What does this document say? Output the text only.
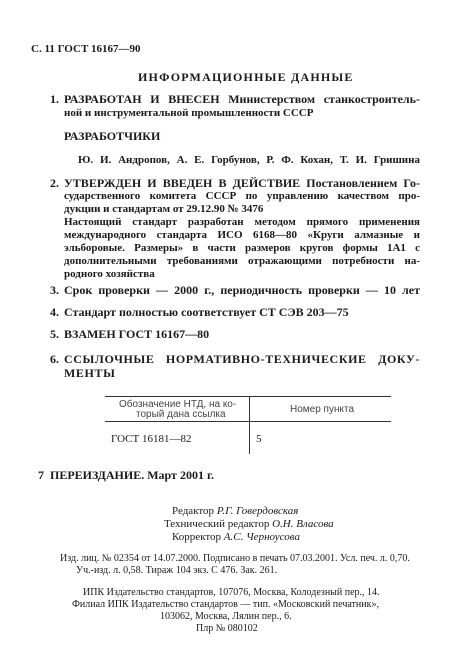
С. 11 ГОСТ 16167—90
ИНФОРМАЦИОННЫЕ ДАННЫЕ
1. РАЗРАБОТАН И ВНЕСЕН Министерством станкостроитель-
ной и инструментальной промышленности СССР
РАЗРАБОТЧИКИ
Ю. И. Андропов, А. Е. Горбунов, Р. Ф. Кохан, Т. И. Гришина
2. УТВЕРЖДЕН И ВВЕДЕН В ДЕЙСТВИЕ Постановлением Го-
сударственного комитета СССР по управлению качеством про-
дукции и стандартам от 29.12.90 № 3476
Настоящий стандарт разработан методом прямого применения
международного стандарта ИСО 6168—80 «Круги алмазные и
эльборовые. Размеры» в части размеров кругов формы 1А1 с
дополнительными требованиями отражающими потребности на-
родного хозяйства
3. Срок проверки — 2000 г., периодичность проверки — 10 лет
4. Стандарт полностью соответствует СТ СЭВ 203—75
5. ВЗАМЕН ГОСТ 16167—80
6. ССЫЛОЧНЫЕ НОРМАТИВНО-ТЕХНИЧЕСКИЕ ДОКУ-
МЕНТЫ
Обозначение НТД, на ко-
торый дана ссылка	Номер пункта
ГОСТ 16181—82	5
7 ПЕРЕИЗДАНИЕ. Март 2001 г.
Редактор Р.Г. Говердовская
Технический редактор О.Н. Власова
Корректор А.С. Черноусова
Изд. лиц. № 02354 от 14.07.2000. Подписано в печать 07.03.2001. Усл. печ. л. 0,70.
Уч.-изд. л. 0,58. Тираж 104 экз. С 476. Зак. 261.
ИПК Издательство стандартов, 107076, Москва, Колодезный пер., 14.
Филиал ИПК Издательство стандартов — тип. «Московский печатник»,
103062, Москва, Лялин пер., 6.
Плр № 080102
